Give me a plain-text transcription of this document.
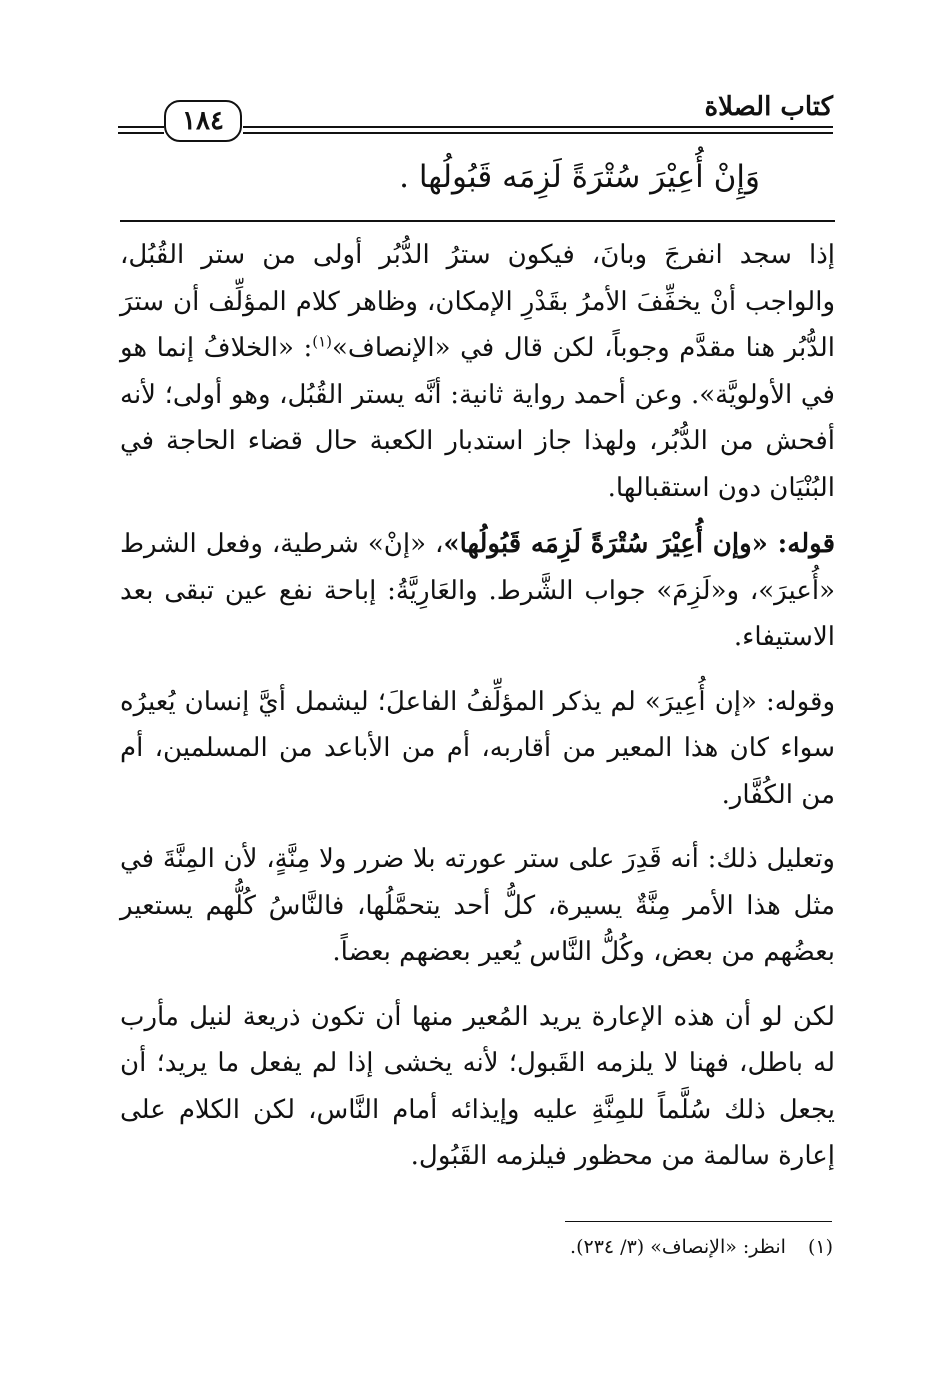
كتاب الصلاة
١٨٤
وَإِنْ أُعِيْرَ سُتْرَةً لَزِمَه قَبُولُها .

إذا سجد انفرجَ وبانَ، فيكون سترُ الدُّبُر أولى من ستر القُبُل، والواجب أنْ يخفِّفَ الأمرُ بقَدْرِ الإمكان، وظاهر كلام المؤلِّف أن سترَ الدُّبُر هنا مقدَّم وجوباً، لكن قال في «الإنصاف»$^{(١)}$: «الخلافُ إنما هو في الأولويَّة». وعن أحمد رواية ثانية: أنَّه يستر القُبُل، وهو أولى؛ لأنه أفحش من الدُّبُر، ولهذا جاز استدبار الكعبة حال قضاء الحاجة في البُنْيَان دون استقبالها.

قوله: «وإن أُعِيْرَ سُتْرَةً لَزِمَه قَبُولُها»، «إنْ» شرطية، وفعل الشرط «أُعيرَ»، و«لَزِمَ» جواب الشَّرط. والعَارِيَّةُ: إباحة نفع عين تبقى بعد الاستيفاء.

وقوله: «إن أُعِيرَ» لم يذكر المؤلِّفُ الفاعلَ؛ ليشمل أيَّ إنسان يُعيرُه سواء كان هذا المعير من أقاربه، أم من الأباعد من المسلمين، أم من الكُفَّار.

وتعليل ذلك: أنه قَدِرَ على ستر عورته بلا ضرر ولا مِنَّةٍ، لأن المِنَّةَ في مثل هذا الأمر مِنَّةٌ يسيرة، كلُّ أحد يتحمَّلُها، فالنَّاسُ كُلُّهم يستعير بعضُهم من بعض، وكُلُّ النَّاس يُعير بعضهم بعضاً.

لكن لو أن هذه الإعارة يريد المُعير منها أن تكون ذريعة لنيل مأرب له باطل، فهنا لا يلزمه القَبول؛ لأنه يخشى إذا لم يفعل ما يريد؛ أن يجعل ذلك سُلَّماً للمِنَّةِ عليه وإيذائه أمام النَّاس، لكن الكلام على إعارة سالمة من محظور فيلزمه القَبُول.

(١)انظر: «الإنصاف» (٣/ ٢٣٤).
